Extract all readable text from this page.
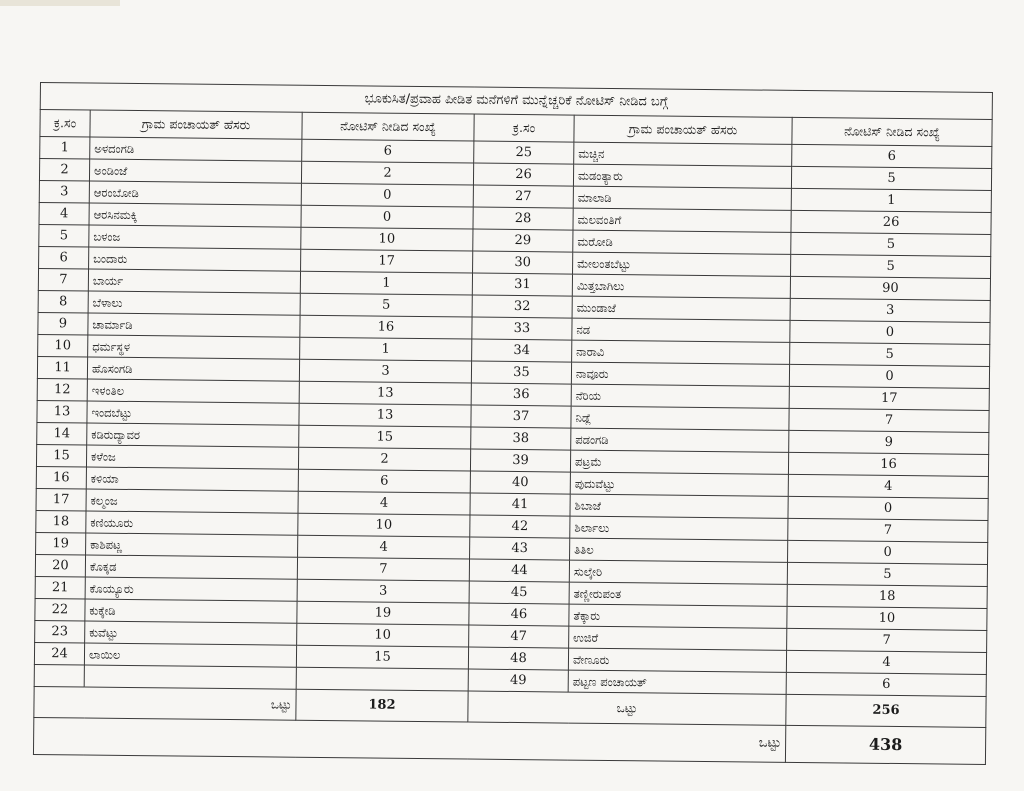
ಭೂಕುಸಿತ/ಪ್ರವಾಹ ಪೀಡಿತ ಮನೆಗಳಿಗೆ ಮುನ್ನೆಚ್ಚರಿಕೆ ನೋಟಿಸ್ ನೀಡಿದ ಬಗ್ಗೆ					
ಕ್ರ.ಸಂ	ಗ್ರಾಮ ಪಂಚಾಯತ್ ಹೆಸರು	ನೋಟಿಸ್ ನೀಡಿದ ಸಂಖ್ಯೆ	ಕ್ರ.ಸಂ	ಗ್ರಾಮ ಪಂಚಾಯತ್ ಹೆಸರು	ನೋಟಿಸ್ ನೀಡಿದ ಸಂಖ್ಯೆ
1	ಅಳದಂಗಡಿ	6	25	ಮಚ್ಚಿನ	6
2	ಅಂಡಿಂಜೆ	2	26	ಮಡಂತ್ಯಾರು	5
3	ಆರಂಬೋಡಿ	0	27	ಮಾಲಾಡಿ	1
4	ಆರಸಿನಮಕ್ಕಿ	0	28	ಮಲವಂತಿಗೆ	26
5	ಬಳಂಜ	10	29	ಮರೋಡಿ	5
6	ಬಂದಾರು	17	30	ಮೇಲಂತಬೆಟ್ಟು	5
7	ಬಾರ್ಯ	1	31	ಮಿತ್ತಬಾಗಿಲು	90
8	ಬೆಳಾಲು	5	32	ಮುಂಡಾಜೆ	3
9	ಚಾರ್ಮಾಡಿ	16	33	ನಡ	0
10	ಧರ್ಮಸ್ಥಳ	1	34	ನಾರಾವಿ	5
11	ಹೊಸಂಗಡಿ	3	35	ನಾವೂರು	0
12	ಇಳಂತಿಲ	13	36	ನೆರಿಯ	17
13	ಇಂದಬೆಟ್ಟು	13	37	ನಿಡ್ಲೆ	7
14	ಕಡಿರುದ್ಯಾವರ	15	38	ಪಡಂಗಡಿ	9
15	ಕಳೆಂಜ	2	39	ಪಟ್ರಮೆ	16
16	ಕಳಿಯಾ	6	40	ಪುದುವೆಟ್ಟು	4
17	ಕಲ್ಮಂಜ	4	41	ಶಿಬಾಜೆ	0
18	ಕಣಿಯೂರು	10	42	ಶಿರ್ಲಾಲು	7
19	ಕಾಶಿಪಟ್ಣ	4	43	ತಿತಿಲ	0
20	ಕೊಕ್ಕಡ	7	44	ಸುಲ್ಕೇರಿ	5
21	ಕೊಯ್ಯೂರು	3	45	ತಣ್ಣೀರುಪಂತ	18
22	ಕುಕ್ಕೇಡಿ	19	46	ತೆಕ್ಕಾರು	10
23	ಕುವೆಟ್ಟು	10	47	ಉಜಿರೆ	7
24	ಲಾಯಿಲ	15	48	ವೇಣೂರು	4
			49	ಪಟ್ಟಣ ಪಂಚಾಯತ್	6
ಒಟ್ಟು		182	ಒಟ್ಟು		256
ಒಟ್ಟು					438
